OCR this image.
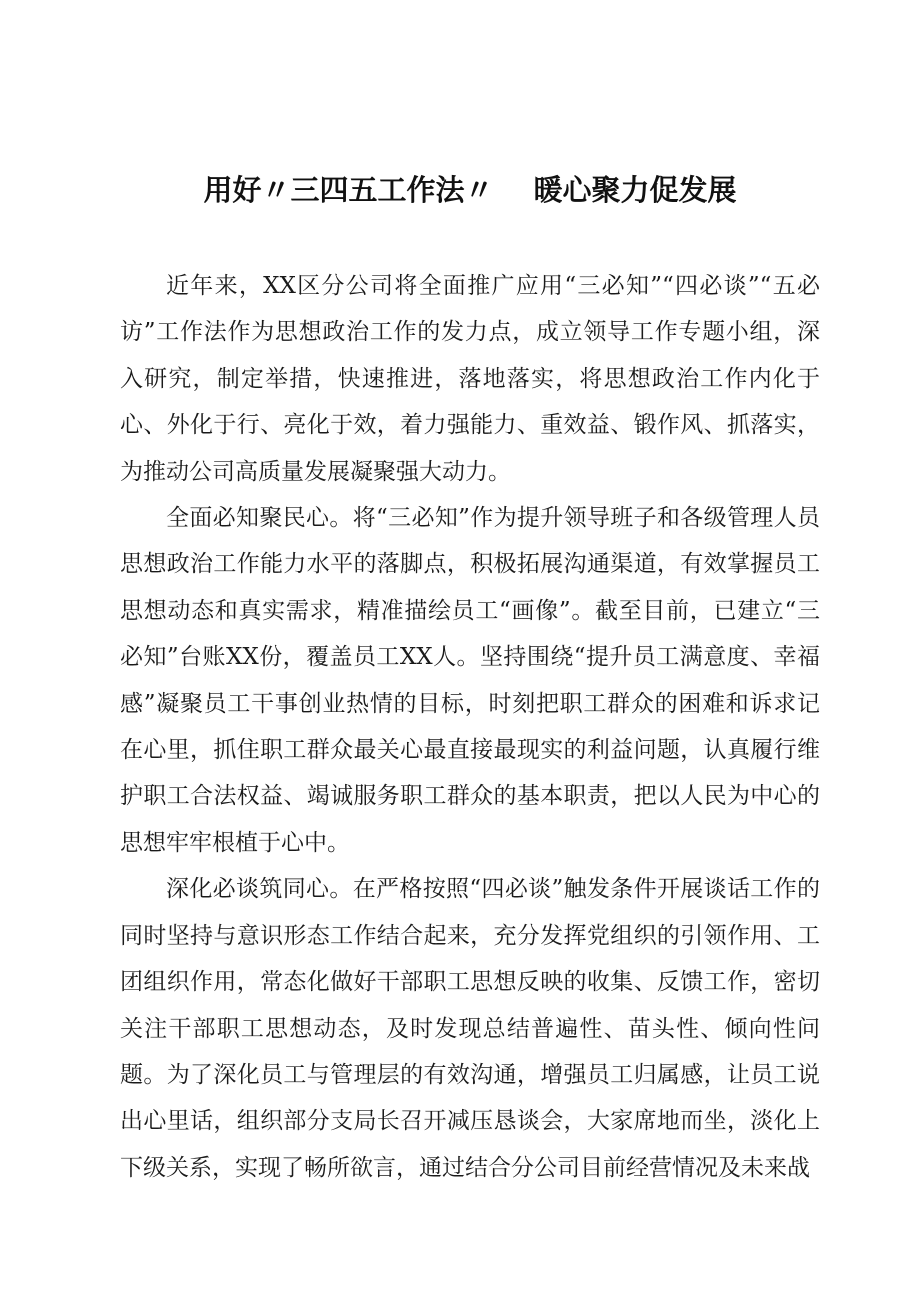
用好〃三四五工作法〃 暖心聚力促发展

近年来，XX区分公司将全面推广应用“三必知”“四必谈”“五必访”工作法作为思想政治工作的发力点，成立领导工作专题小组，深入研究，制定举措，快速推进，落地落实，将思想政治工作内化于心、外化于行、亮化于效，着力强能力、重效益、锻作风、抓落实，为推动公司高质量发展凝聚强大动力。

全面必知聚民心。将“三必知”作为提升领导班子和各级管理人员思想政治工作能力水平的落脚点，积极拓展沟通渠道，有效掌握员工思想动态和真实需求，精准描绘员工“画像”。截至目前，已建立“三必知”台账XX份，覆盖员工XX人。坚持围绕“提升员工满意度、幸福感”凝聚员工干事创业热情的目标，时刻把职工群众的困难和诉求记在心里，抓住职工群众最关心最直接最现实的利益问题，认真履行维护职工合法权益、竭诚服务职工群众的基本职责，把以人民为中心的思想牢牢根植于心中。

深化必谈筑同心。在严格按照“四必谈”触发条件开展谈话工作的同时坚持与意识形态工作结合起来，充分发挥党组织的引领作用、工团组织作用，常态化做好干部职工思想反映的收集、反馈工作，密切关注干部职工思想动态，及时发现总结普遍性、苗头性、倾向性问题。为了深化员工与管理层的有效沟通，增强员工归属感，让员工说出心里话，组织部分支局长召开减压恳谈会，大家席地而坐，淡化上下级关系，实现了畅所欲言，通过结合分公司目前经营情况及未来战
